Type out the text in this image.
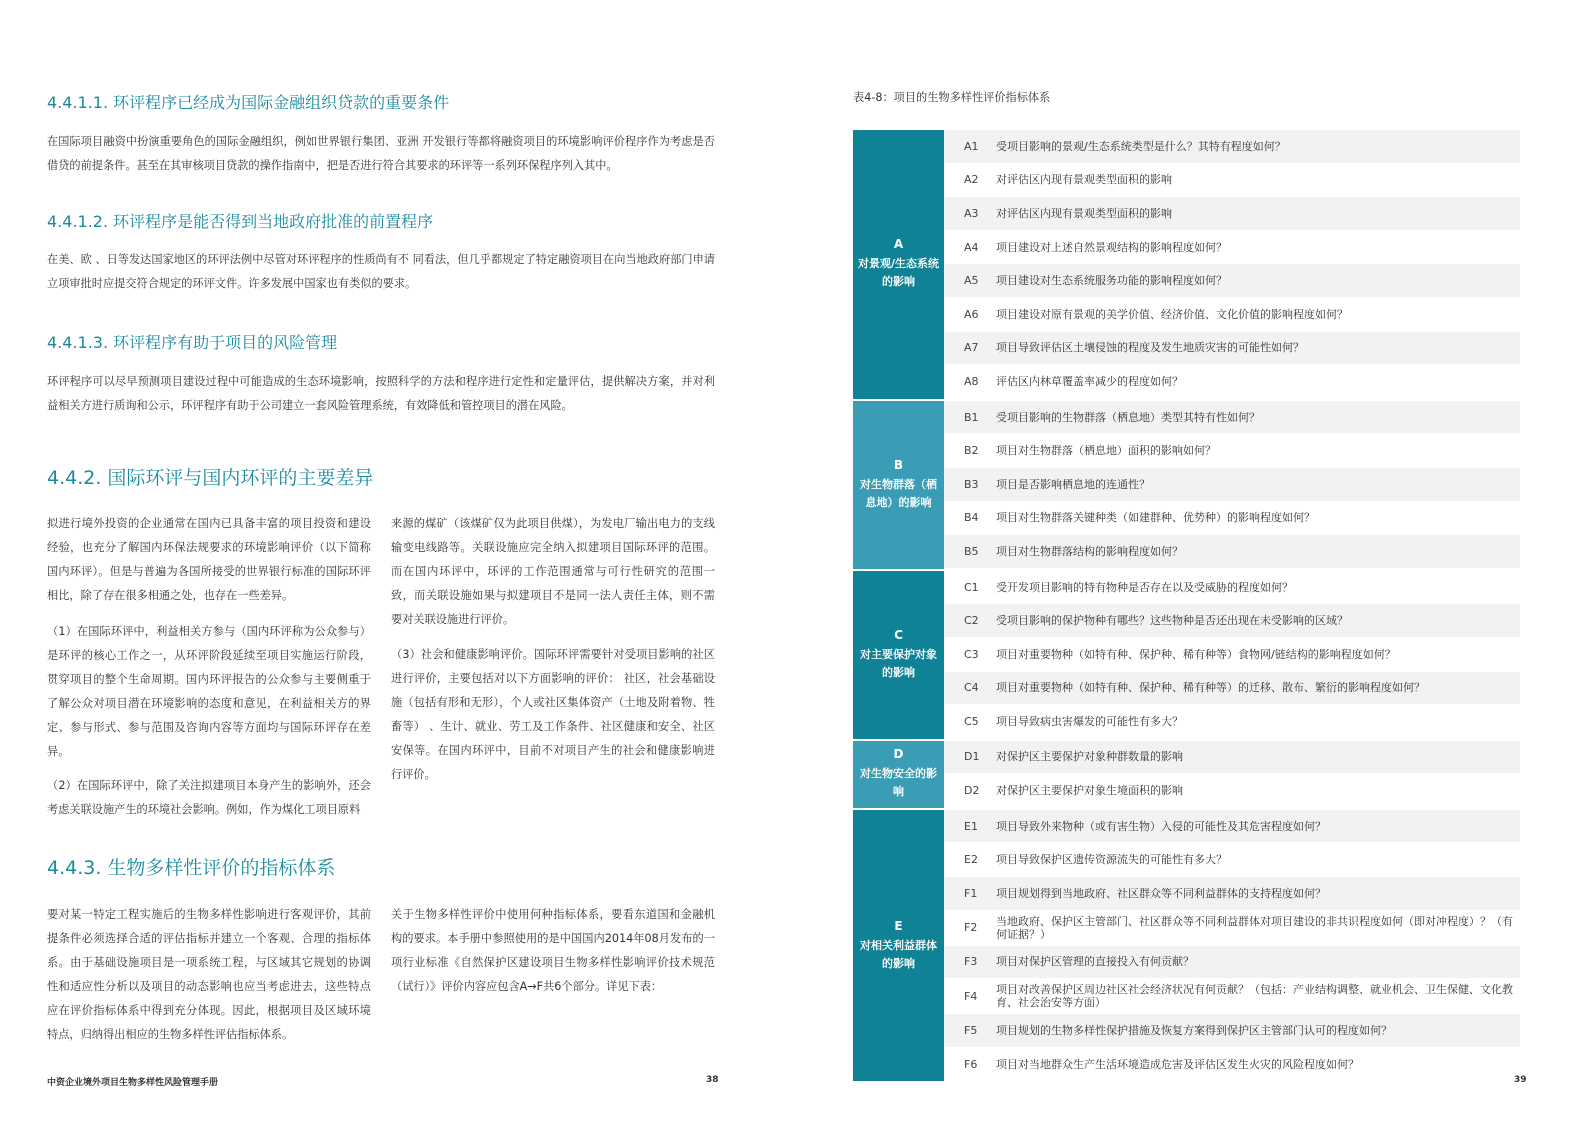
4.4.1.1. 环评程序已经成为国际金融组织贷款的重要条件

在国际项目融资中扮演重要角色的国际金融组织，例如世界银行集团、亚洲 开发银行等都将融资项目的环境影响评价程序作为考虑是否借贷的前提条件。甚至在其审核项目贷款的操作指南中，把是否进行符合其要求的环评等一系列环保程序列入其中。

4.4.1.2. 环评程序是能否得到当地政府批准的前置程序

在美、欧 、日等发达国家地区的环评法例中尽管对环评程序的性质尚有不 同看法，但几乎都规定了特定融资项目在向当地政府部门申请立项审批时应提交符合规定的环评文件。许多发展中国家也有类似的要求。

4.4.1.3. 环评程序有助于项目的风险管理

环评程序可以尽早预测项目建设过程中可能造成的生态环境影响，按照科学的方法和程序进行定性和定量评估，提供解决方案，并对利益相关方进行质询和公示，环评程序有助于公司建立一套风险管理系统，有效降低和管控项目的潜在风险。

4.4.2. 国际环评与国内环评的主要差异

拟进行境外投资的企业通常在国内已具备丰富的项目投资和建设经验，也充分了解国内环保法规要求的环境影响评价（以下简称国内环评）。但是与普遍为各国所接受的世界银行标准的国际环评相比，除了存在很多相通之处，也存在一些差异。

（1）在国际环评中，利益相关方参与（国内环评称为公众参与）是环评的核心工作之一，从环评阶段延续至项目实施运行阶段，贯穿项目的整个生命周期。国内环评报告的公众参与主要侧重于了解公众对项目潜在环境影响的态度和意见，在利益相关方的界定、参与形式、参与范围及咨询内容等方面均与国际环评存在差异。

（2）在国际环评中，除了关注拟建项目本身产生的影响外，还会考虑关联设施产生的环境社会影响。例如，作为煤化工项目原料

来源的煤矿（该煤矿仅为此项目供煤），为发电厂输出电力的支线输变电线路等。关联设施应完全纳入拟建项目国际环评的范围。而在国内环评中，环评的工作范围通常与可行性研究的范围一致，而关联设施如果与拟建项目不是同一法人责任主体，则不需要对关联设施进行评价。

（3）社会和健康影响评价。国际环评需要针对受项目影响的社区进行评价，主要包括对以下方面影响的评价： 社区，社会基础设施（包括有形和无形），个人或社区集体资产（土地及附着物、牲畜等） 、生计、就业、劳工及工作条件、社区健康和安全、社区安保等。在国内环评中，目前不对项目产生的社会和健康影响进行评价。

4.4.3. 生物多样性评价的指标体系

要对某一特定工程实施后的生物多样性影响进行客观评价，其前提条件必须选择合适的评估指标并建立一个客观、合理的指标体系。由于基础设施项目是一项系统工程，与区域其它规划的协调性和适应性分析以及项目的动态影响也应当考虑进去，这些特点应在评价指标体系中得到充分体现。因此，根据项目及区域环境特点，归纳得出相应的生物多样性评估指标体系。

关于生物多样性评价中使用何种指标体系，要看东道国和金融机构的要求。本手册中参照使用的是中国国内2014年08月发布的一项行业标准《自然保护区建设项目生物多样性影响评价技术规范（试行）》评价内容应包含A→F共6个部分。详见下表：

中资企业境外项目生物多样性风险管理手册	38
表4-8：项目的生物多样性评价指标体系
A
对景观/生态系统的影响
A1	受项目影响的景观/生态系统类型是什么？其特有程度如何？
A2	对评估区内现有景观类型面积的影响
A3	对评估区内现有景观类型面积的影响
A4	项目建设对上述自然景观结构的影响程度如何？
A5	项目建设对生态系统服务功能的影响程度如何？
A6	项目建设对原有景观的美学价值、经济价值、文化价值的影响程度如何？
A7	项目导致评估区土壤侵蚀的程度及发生地质灾害的可能性如何？
A8	评估区内林草覆盖率减少的程度如何？
B
对生物群落（栖息地）的影响
B1	受项目影响的生物群落（栖息地）类型其特有性如何？
B2	项目对生物群落（栖息地）面积的影响如何？
B3	项目是否影响栖息地的连通性？
B4	项目对生物群落关键种类（如建群种、优势种）的影响程度如何？
B5	项目对生物群落结构的影响程度如何？
C
对主要保护对象的影响
C1	受开发项目影响的特有物种是否存在以及受威胁的程度如何？
C2	受项目影响的保护物种有哪些？这些物种是否还出现在未受影响的区域？
C3	项目对重要物种（如特有种、保护种、稀有种等）食物网/链结构的影响程度如何？
C4	项目对重要物种（如特有种、保护种、稀有种等）的迁移、散布、繁衍的影响程度如何？
C5	项目导致病虫害爆发的可能性有多大？
D
对生物安全的影响
D1	对保护区主要保护对象种群数量的影响
D2	对保护区主要保护对象生境面积的影响
E
对相关利益群体的影响
E1	项目导致外来物种（或有害生物）入侵的可能性及其危害程度如何？
E2	项目导致保护区遗传资源流失的可能性有多大？
F1	项目规划得到当地政府、社区群众等不同利益群体的支持程度如何？
F2	当地政府、保护区主管部门、社区群众等不同利益群体对项目建设的非共识程度如何（即对冲程度）？（有何证据？）
F3	项目对保护区管理的直接投入有何贡献？
F4	项目对改善保护区周边社区社会经济状况有何贡献？（包括：产业结构调整、就业机会、卫生保健、文化教育、社会治安等方面）
F5	项目规划的生物多样性保护措施及恢复方案得到保护区主管部门认可的程度如何？
F6	项目对当地群众生产生活环境造成危害及评估区发生火灾的风险程度如何？
39
